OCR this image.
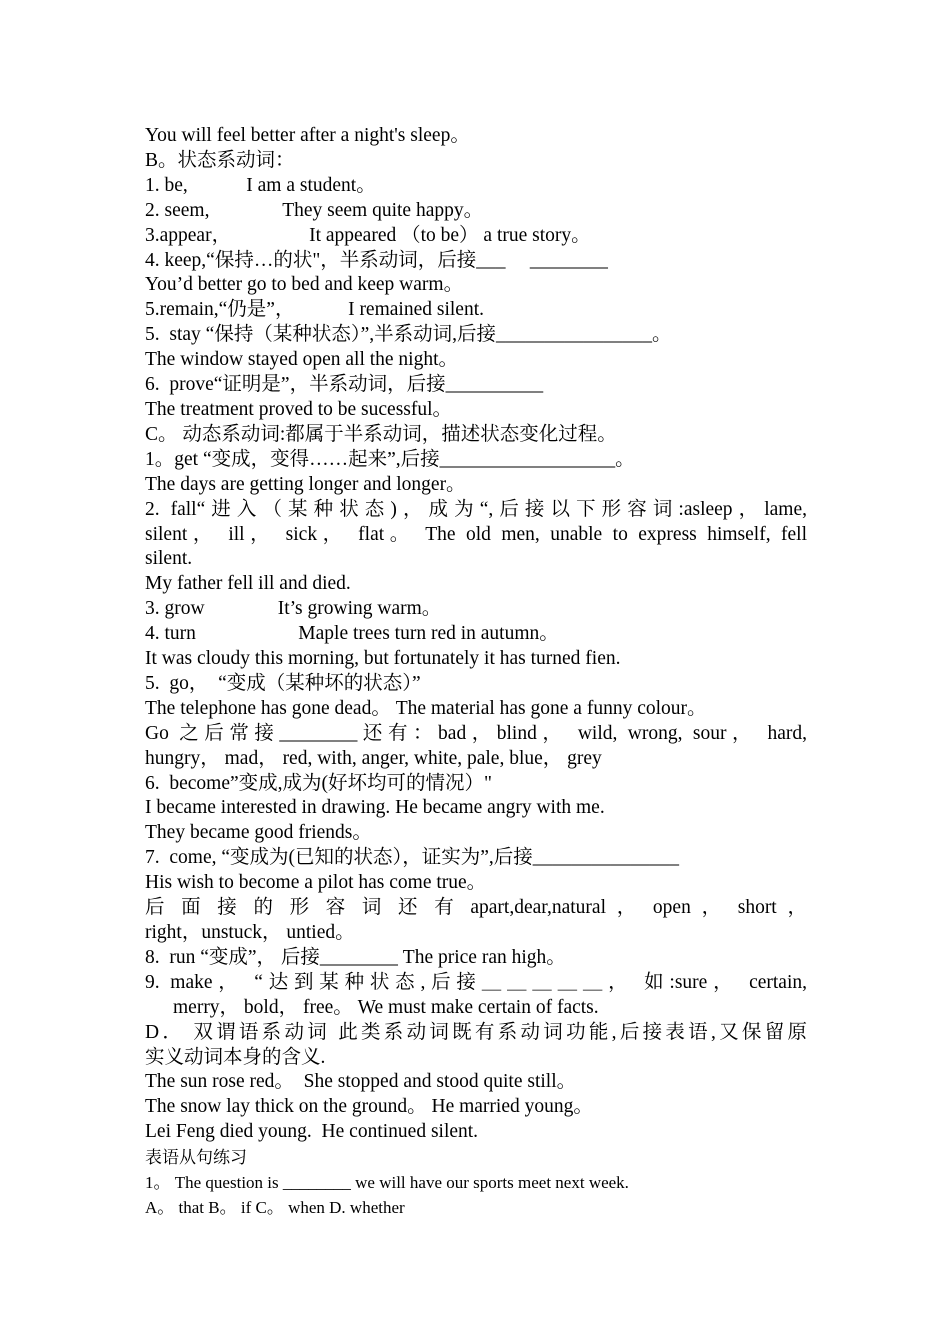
You will feel better after a night's sleep。
B。状态系动词：
1. be,            I am a student。
2. seem,               They seem quite happy。
3.appear，                It appeared （to be） a true story。
4. keep,“保持…的状"，半系动词，后接___     ________
You’d better go to bed and keep warm。
5.remain,“仍是”，           I remained silent.
5.  stay “保持（某种状态）”,半系动词,后接________________。
The window stayed open all the night。
6.  prove“证明是”，半系动词，后接__________
The treatment proved to be sucessful。
C。 动态系动词:都属于半系动词，描述状态变化过程。
1。get “变成，变得……起来”,后接__________________。
The days are getting longer and longer。
2. fall“进入（某种状态)，成为“,后接以下形容词:asleep，lame,
silent， ill， sick， flat。 The old men, unable to express himself, fell
silent.
My father fell ill and died.
3. grow               It’s growing warm。
4. turn                     Maple trees turn red in autumn。
It was cloudy this morning, but fortunately it has turned fien.
5.  go，  “变成（某种坏的状态）”
The telephone has gone dead。 The material has gone a funny colour。
Go 之后常接________还有：bad，blind， wild, wrong, sour， hard,
hungry， mad， red, with, anger, white, pale, blue， grey
6.  become”变成,成为(好坏均可的情况）"
I became interested in drawing. He became angry with me.
They became good friends。
7.  come, “变成为(已知的状态），证实为”,后接_______________
His wish to become a pilot has come true。
后 面 接 的 形 容 词 还 有 apart,dear,natural ， open ， short ，
right，unstuck， untied。
8.  run “变成”， 后接________ The price ran high。
9. make， “达到某种状态,后接＿＿＿＿＿， 如:sure， certain,
merry， bold， free。 We must make certain of facts.
D． 双谓语系动词 此类系动词既有系动词功能,后接表语,又保留原
实义动词本身的含义.
The sun rose red。  She stopped and stood quite still。
The snow lay thick on the ground。 He married young。
Lei Feng died young.  He continued silent.
表语从句练习
1。 The question is ________ we will have our sports meet next week.
A。 that B。 if C。 when D. whether
